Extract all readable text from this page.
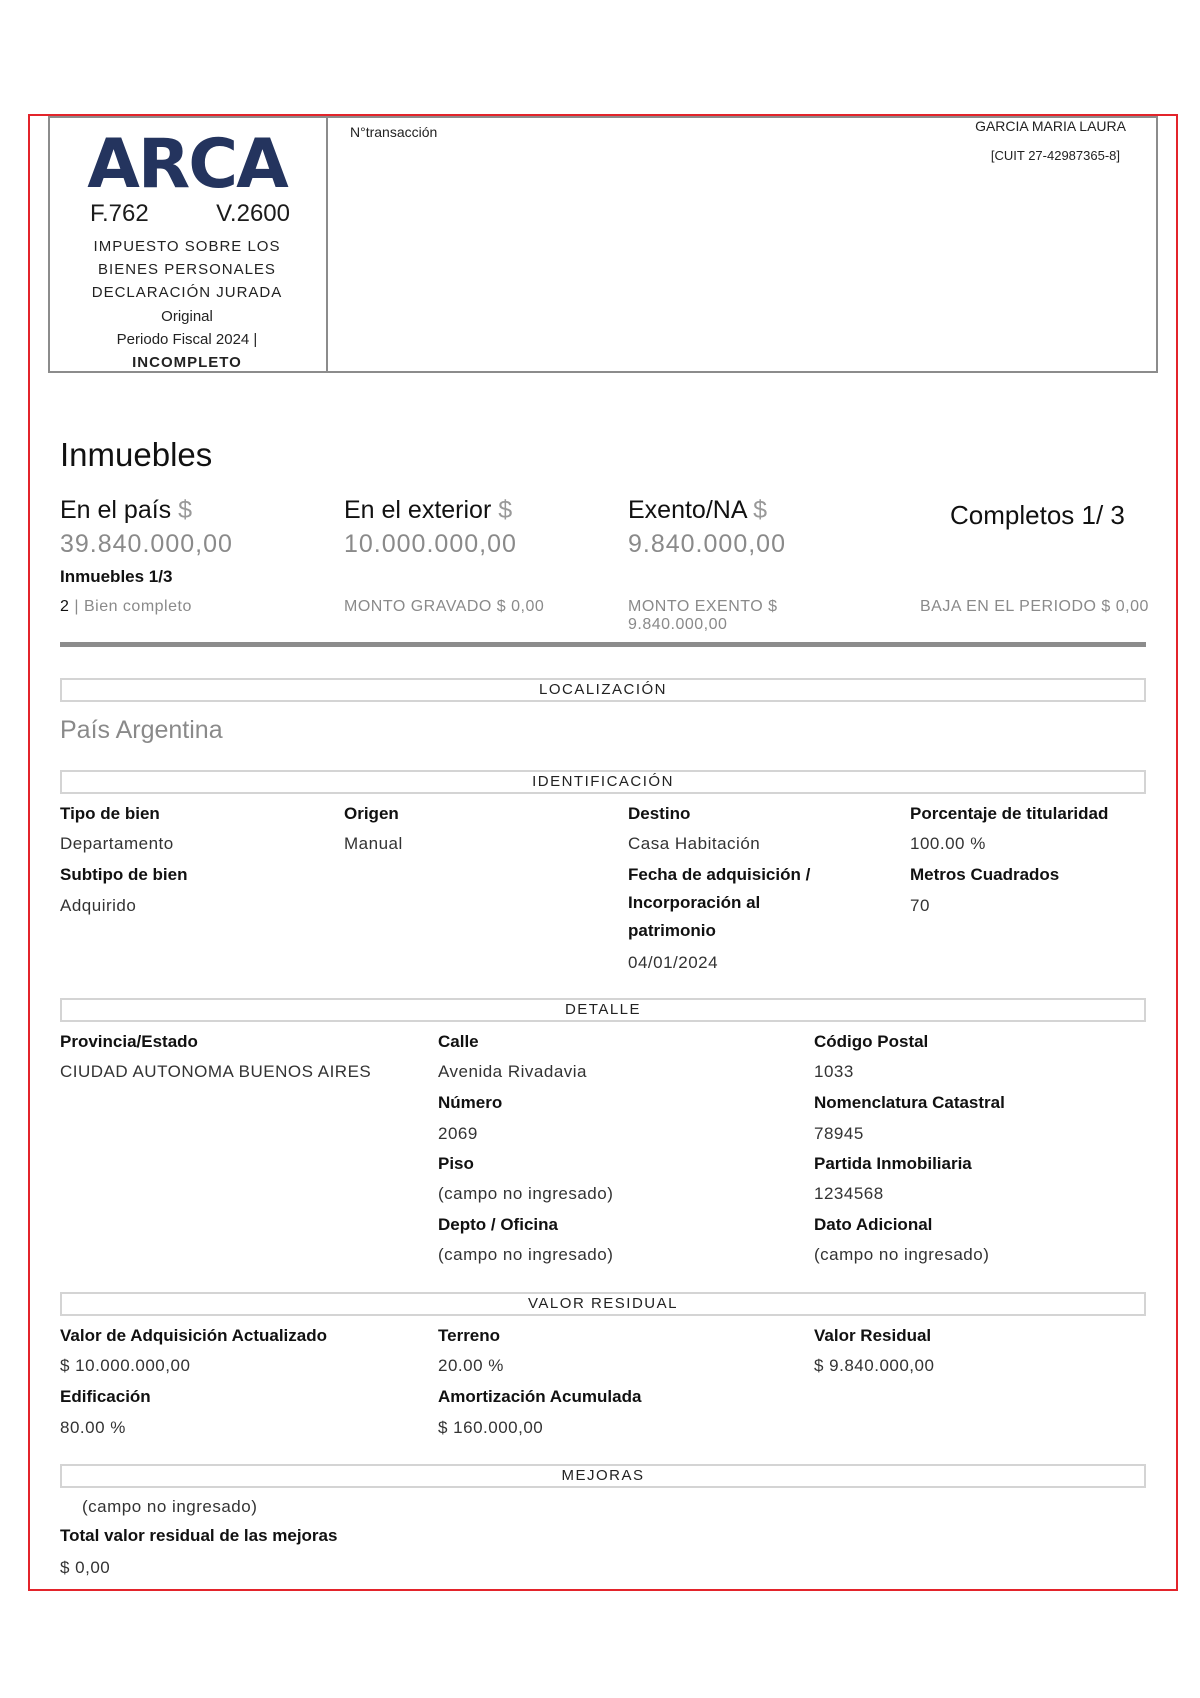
ARCA
F.762	V.2600
IMPUESTO SOBRE LOS
BIENES PERSONALES
DECLARACIÓN JURADA
Original
Periodo Fiscal 2024 |
INCOMPLETO
N°transacción	GARCIA MARIA LAURA
[CUIT 27-42987365-8]
Inmuebles
En el país $
39.840.000,00
En el exterior $
10.000.000,00
Exento/NA $
9.840.000,00
Completos 1/ 3
Inmuebles 1/3
2 | Bien completo	MONTO GRAVADO $ 0,00	MONTO EXENTO $
9.840.000,00
BAJA EN EL PERIODO $ 0,00
LOCALIZACIÓN
País Argentina
IDENTIFICACIÓN
Tipo de bien
Departamento
Origen
Manual
Destino
Casa Habitación
Porcentaje de titularidad
100.00 %
Subtipo de bien
Adquirido
Fecha de adquisición /
Incorporación al
patrimonio
04/01/2024
Metros Cuadrados
70
DETALLE
Provincia/Estado
CIUDAD AUTONOMA BUENOS AIRES
Calle
Avenida Rivadavia
Código Postal
1033
Número
2069
Nomenclatura Catastral
78945
Piso
(campo no ingresado)
Partida Inmobiliaria
1234568
Depto / Oficina
(campo no ingresado)
Dato Adicional
(campo no ingresado)
VALOR RESIDUAL
Valor de Adquisición Actualizado
$ 10.000.000,00
Terreno
20.00 %
Valor Residual
$ 9.840.000,00
Edificación
80.00 %
Amortización Acumulada
$ 160.000,00
MEJORAS
(campo no ingresado)
Total valor residual de las mejoras
$ 0,00
